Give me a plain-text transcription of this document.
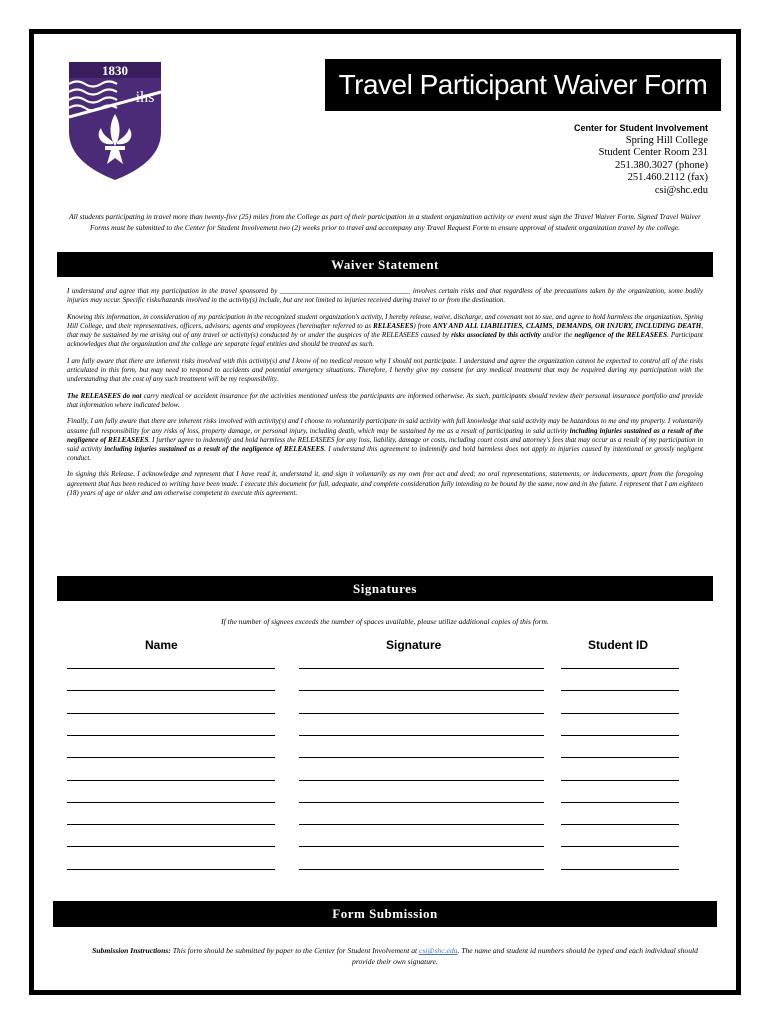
1830
ihs	Travel Participant Waiver Form
Center for Student Involvement
Spring Hill College
Student Center Room 231
251.380.3027 (phone)
251.460.2112 (fax)
csi@shc.edu
All students participating in travel more than twenty-five (25) miles from the College as part of their participation in a student organization activity or event must sign the Travel Waiver Form. Signed Travel Waiver Forms must be submitted to the Center for Student Involvement two (2) weeks prior to travel and accompany any Travel Request Form to ensure approval of student organization travel by the college.
Waiver Statement

I understand and agree that my participation in the travel sponsored by _____________________________________ involves certain risks and that regardless of the precautions taken by the organization, some bodily injuries may occur. Specific risks/hazards involved in the activity(s) include, but are not limited to injuries received during travel to or from the destination.

Knowing this information, in consideration of my participation in the recognized student organization's activity, I hereby release, waive, discharge, and covenant not to sue, and agree to hold harmless the organization, Spring Hill College, and their representatives, officers, advisors, agents and employees (hereinafter referred to as RELEASEES) from ANY AND ALL LIABILITIES, CLAIMS, DEMANDS, OR INJURY, INCLUDING DEATH, that may be sustained by me arising out of any travel or activity(s) conducted by or under the auspices of the RELEASEES caused by risks associated by this activity and/or the negligence of the RELEASEES. Participant acknowledges that the organization and the college are separate legal entities and should be treated as such.

I am fully aware that there are inherent risks involved with this activity(s) and I know of no medical reason why I should not participate. I understand and agree the organization cannot be expected to control all of the risks articulated in this form, but may need to respond to accidents and potential emergency situations. Therefore, I hereby give my consent for any medical treatment that may be required during my participation with the understanding that the cost of any such treatment will be my responsibility.

The RELEASEES do not carry medical or accident insurance for the activities mentioned unless the participants are informed otherwise. As such, participants should review their personal insurance portfolio and provide that information where indicated below.

Finally, I am fully aware that there are inherent risks involved with activity(s) and I choose to voluntarily participate in said activity with full knowledge that said activity may be hazardous to me and my property. I voluntarily assume full responsibility for any risks of loss, property damage, or personal injury, including death, which may be sustained by me as a result of participating in said activity including injuries sustained as a result of the negligence of RELEASEES. I further agree to indemnify and hold harmless the RELEASEES for any loss, liability, damage or costs, including court costs and attorney's fees that may occur as a result of my participation in said activity including injuries sustained as a result of the negligence of RELEASEES. I understand this agreement to indemnify and hold harmless does not apply to injuries caused by intentional or grossly negligent conduct.

In signing this Release, I acknowledge and represent that I have read it, understand it, and sign it voluntarily as my own free act and deed; no oral representations, statements, or inducements, apart from the foregoing agreement that has been reduced to writing have been made. I execute this document for full, adequate, and complete consideration fully intending to be bound by the same, now and in the future. I represent that I am eighteen (18) years of age or older and am otherwise competent to execute this agreement.

Signatures
If the number of signees exceeds the number of spaces available, please utilize additional copies of this form.
Name	Signature	Student ID
Form Submission
Submission Instructions: This form should be submitted by paper to the Center for Student Involvement at csi@shc.edu. The name and student id numbers should be typed and each individual should provide their own signature.
